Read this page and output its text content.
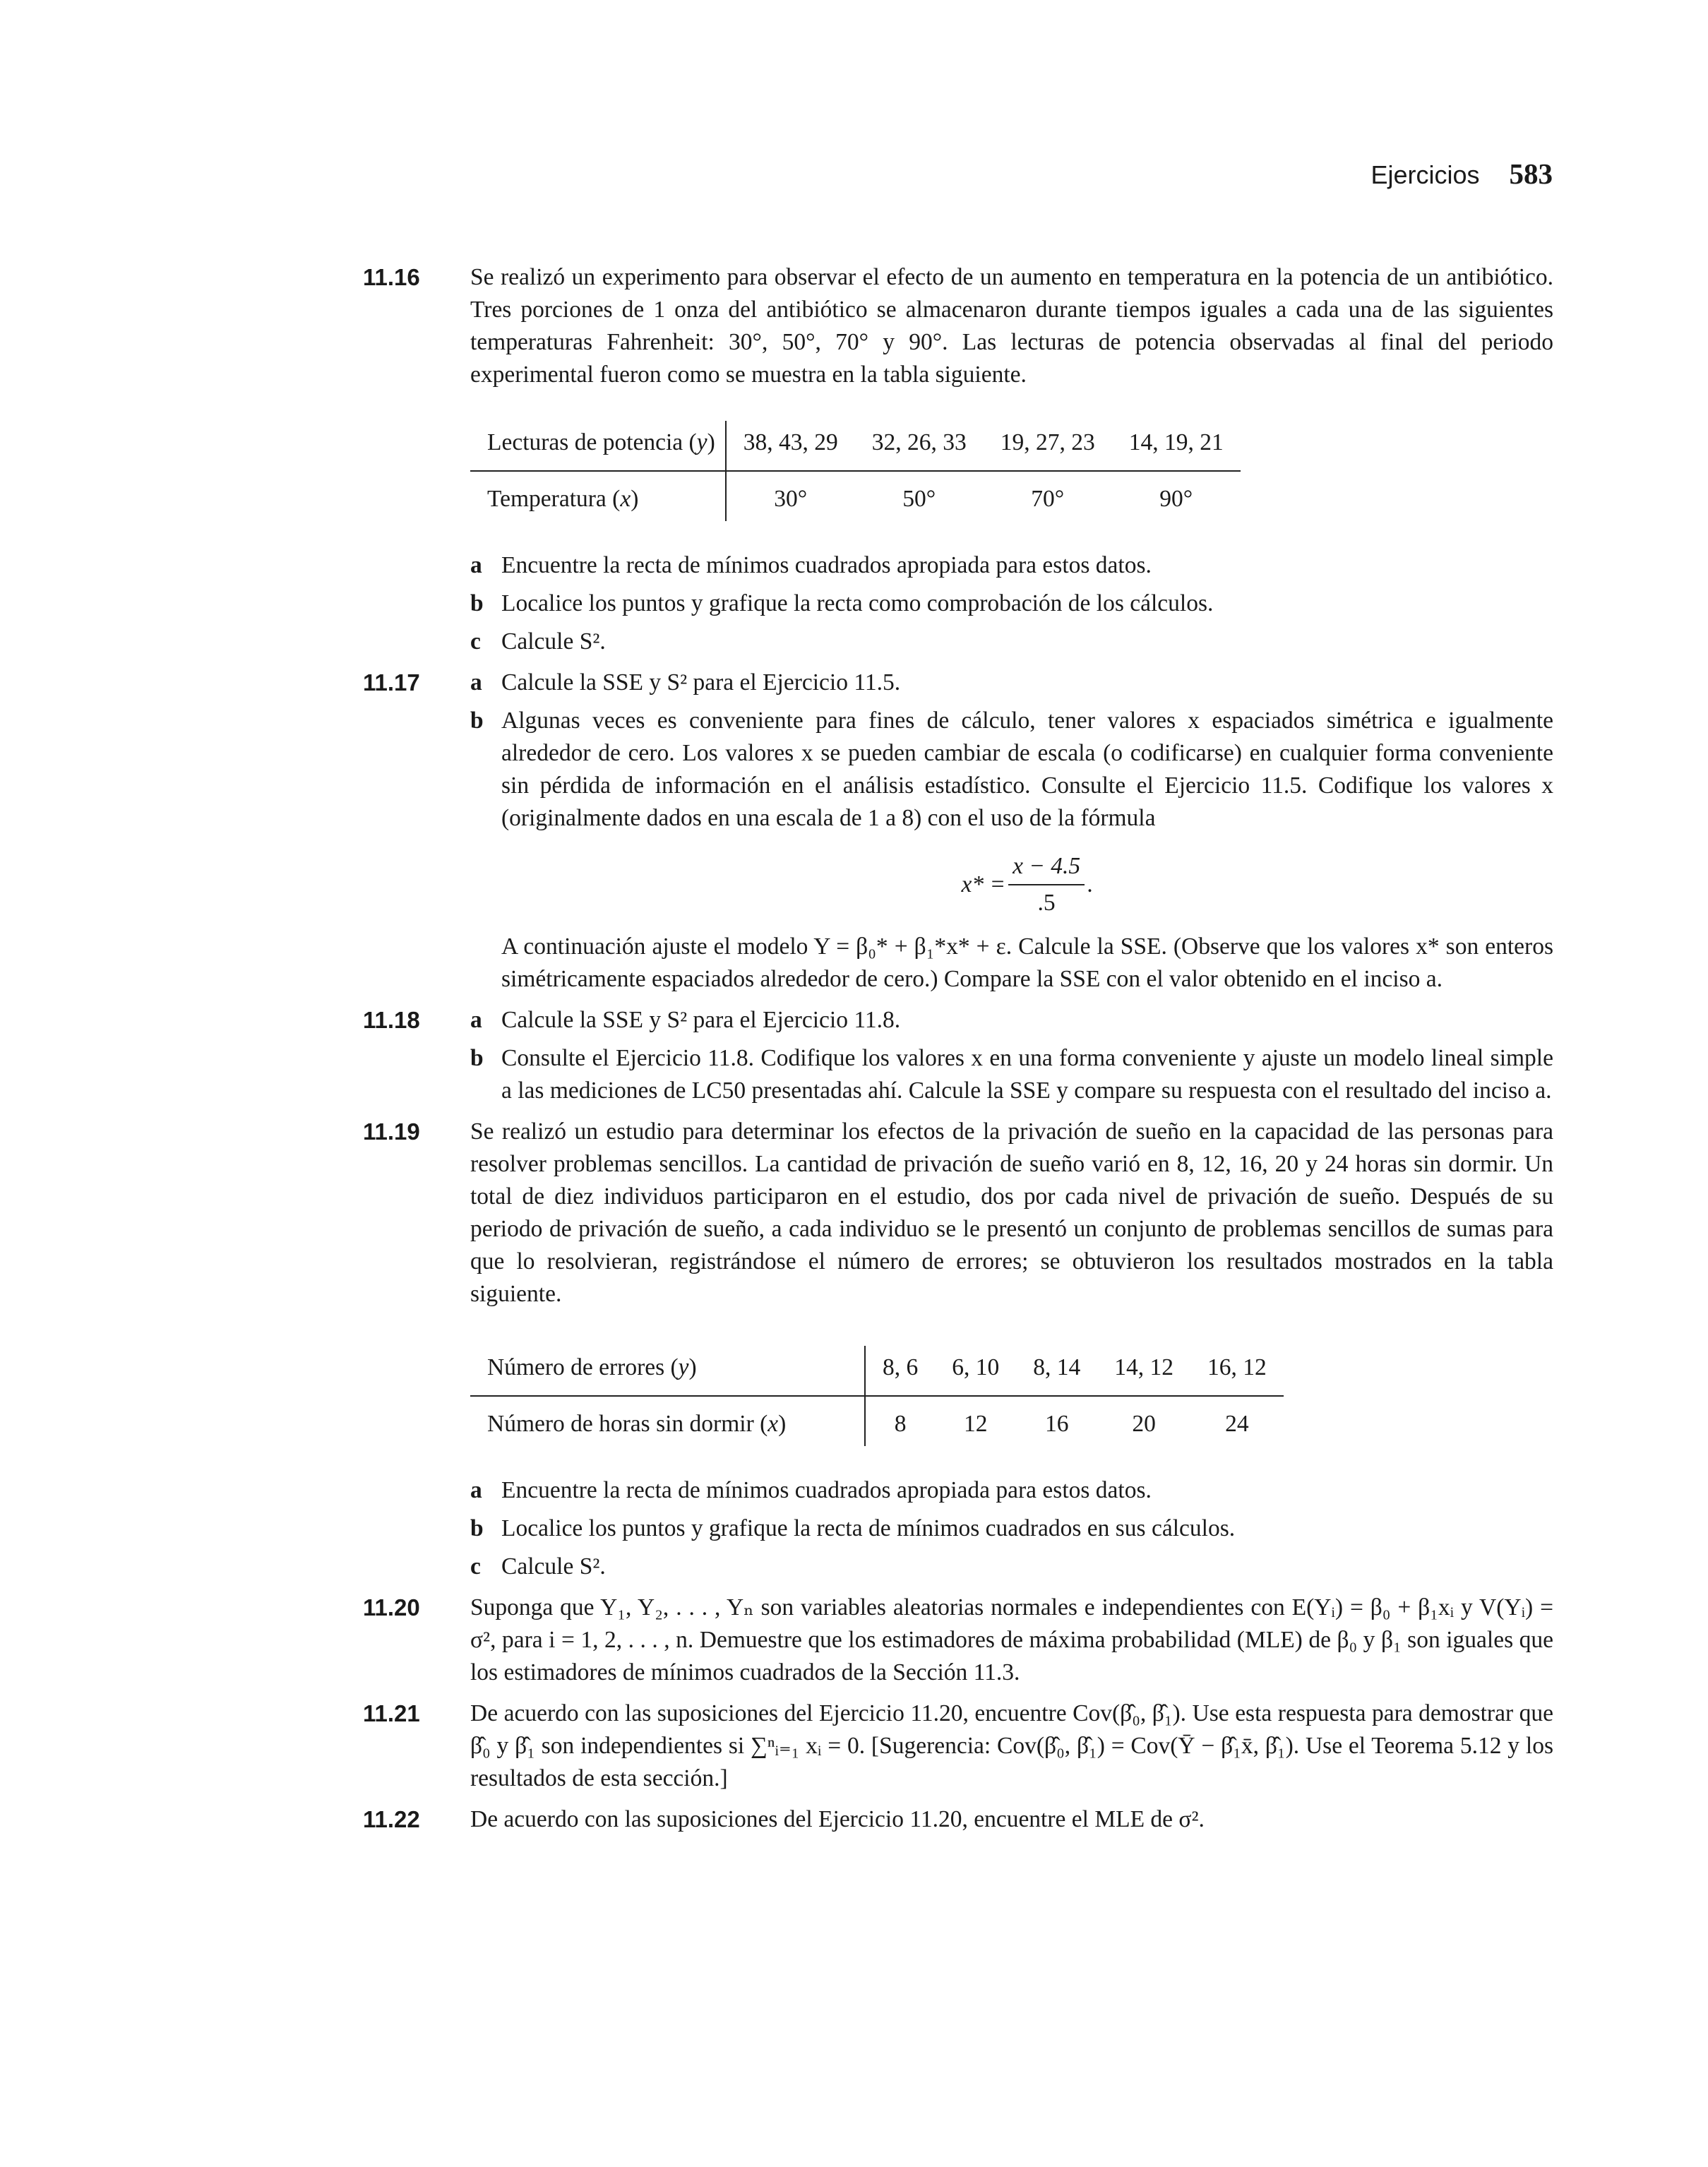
Ejercicios 583
11.16 Se realizó un experimento para observar el efecto de un aumento en temperatura en la potencia de un antibiótico. Tres porciones de 1 onza del antibiótico se almacenaron durante tiempos iguales a cada una de las siguientes temperaturas Fahrenheit: 30°, 50°, 70° y 90°. Las lecturas de potencia observadas al final del periodo experimental fueron como se muestra en la tabla siguiente.
Lecturas de potencia (y)	38, 43, 29	32, 26, 33	19, 27, 23	14, 19, 21
Temperatura (x)	30°	50°	70°	90°
a Encuentre la recta de mínimos cuadrados apropiada para estos datos.
b Localice los puntos y grafique la recta como comprobación de los cálculos.
c Calcule S².
11.17 a Calcule la SSE y S² para el Ejercicio 11.5.
b Algunas veces es conveniente para fines de cálculo, tener valores x espaciados simétrica e igualmente alrededor de cero. Los valores x se pueden cambiar de escala (o codificarse) en cualquier forma conveniente sin pérdida de información en el análisis estadístico. Consulte el Ejercicio 11.5. Codifique los valores x (originalmente dados en una escala de 1 a 8) con el uso de la fórmula
$x* = \frac{x - 4.5}{.5}$ .
A continuación ajuste el modelo Y = β₀* + β₁*x* + ε. Calcule la SSE. (Observe que los valores x* son enteros simétricamente espaciados alrededor de cero.) Compare la SSE con el valor obtenido en el inciso a.
11.18 a Calcule la SSE y S² para el Ejercicio 11.8.
b Consulte el Ejercicio 11.8. Codifique los valores x en una forma conveniente y ajuste un modelo lineal simple a las mediciones de LC50 presentadas ahí. Calcule la SSE y compare su respuesta con el resultado del inciso a.
11.19 Se realizó un estudio para determinar los efectos de la privación de sueño en la capacidad de las personas para resolver problemas sencillos. La cantidad de privación de sueño varió en 8, 12, 16, 20 y 24 horas sin dormir. Un total de diez individuos participaron en el estudio, dos por cada nivel de privación de sueño. Después de su periodo de privación de sueño, a cada individuo se le presentó un conjunto de problemas sencillos de sumas para que lo resolvieran, registrándose el número de errores; se obtuvieron los resultados mostrados en la tabla siguiente.
Número de errores (y)	8, 6	6, 10	8, 14	14, 12	16, 12
Número de horas sin dormir (x)	8	12	16	20	24
a Encuentre la recta de mínimos cuadrados apropiada para estos datos.
b Localice los puntos y grafique la recta de mínimos cuadrados en sus cálculos.
c Calcule S².
11.20 Suponga que Y₁, Y₂, . . . , Yₙ son variables aleatorias normales e independientes con E(Yᵢ) = β₀ + β₁xᵢ y V(Yᵢ) = σ², para i = 1, 2, . . . , n. Demuestre que los estimadores de máxima probabilidad (MLE) de β₀ y β₁ son iguales que los estimadores de mínimos cuadrados de la Sección 11.3.
11.21 De acuerdo con las suposiciones del Ejercicio 11.20, encuentre Cov(β̂₀, β̂₁). Use esta respuesta para demostrar que β̂₀ y β̂₁ son independientes si ∑ⁿᵢ₌₁ xᵢ = 0. [Sugerencia: Cov(β̂₀, β̂₁) = Cov(Ȳ − β̂₁x̄, β̂₁). Use el Teorema 5.12 y los resultados de esta sección.]
11.22 De acuerdo con las suposiciones del Ejercicio 11.20, encuentre el MLE de σ².
